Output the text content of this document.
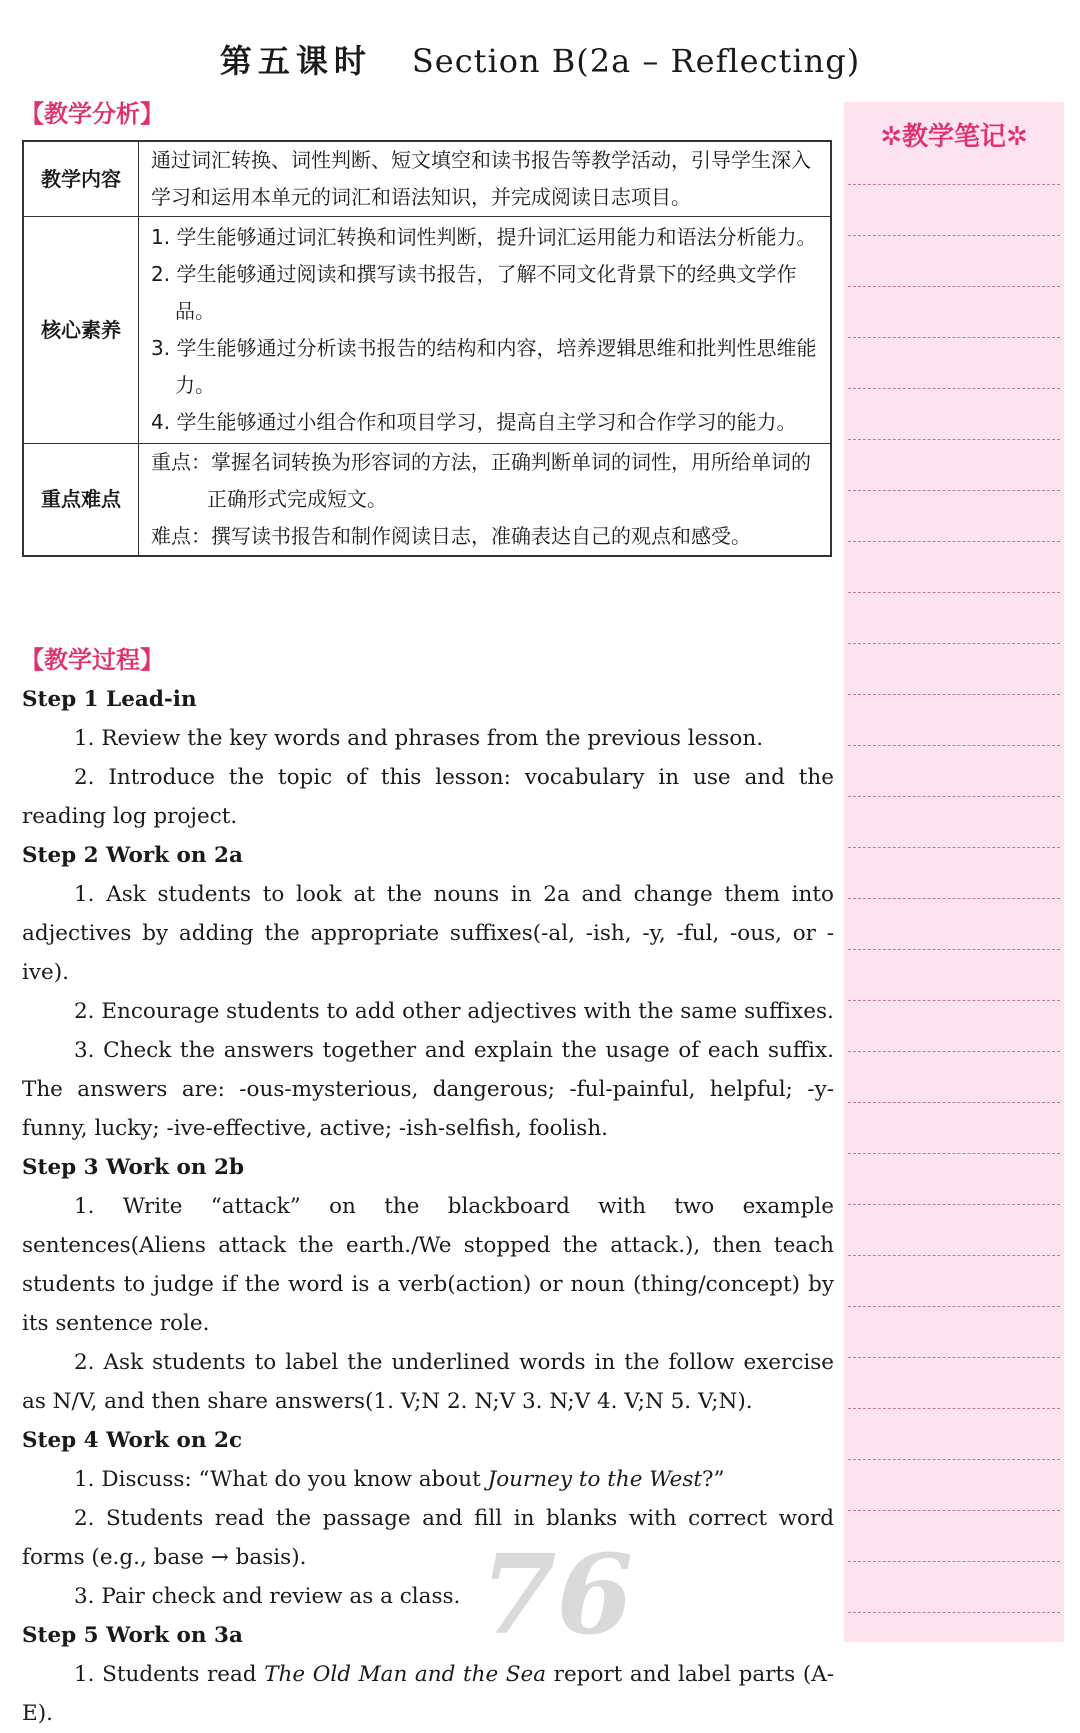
第五课时 Section B(2a – Reflecting)
【教学分析】
教学内容	通过词汇转换、词性判断、短文填空和读书报告等教学活动，引导学生深入学习和运用本单元的词汇和语法知识，并完成阅读日志项目。
核心素养	1. 学生能够通过词汇转换和词性判断，提升词汇运用能力和语法分析能力。
2. 学生能够通过阅读和撰写读书报告，了解不同文化背景下的经典文学作品。
3. 学生能够通过分析读书报告的结构和内容，培养逻辑思维和批判性思维能力。
4. 学生能够通过小组合作和项目学习，提高自主学习和合作学习的能力。

重点难点	重点：掌握名词转换为形容词的方法，正确判断单词的词性，用所给单词的正确形式完成短文。
难点：撰写读书报告和制作阅读日志，准确表达自己的观点和感受。
✲教学笔记✲
【教学过程】

Step 1 Lead-in

1. Review the key words and phrases from the previous lesson.

2. Introduce the topic of this lesson: vocabulary in use and the reading log project.

Step 2 Work on 2a

1. Ask students to look at the nouns in 2a and change them into adjectives by adding the appropriate suffixes(-al, -ish, -y, -ful, -ous, or -ive).

2. Encourage students to add other adjectives with the same suffixes.

3. Check the answers together and explain the usage of each suffix. The answers are: -ous-mysterious, dangerous; -ful-painful, helpful; -y-funny, lucky; -ive-effective, active; -ish-selfish, foolish.

Step 3 Work on 2b

1. Write “attack” on the blackboard with two example sentences(Aliens attack the earth./We stopped the attack.), then teach students to judge if the word is a verb(action) or noun (thing/concept) by its sentence role.

2. Ask students to label the underlined words in the follow exercise as N/V, and then share answers(1. V;N 2. N;V 3. N;V 4. V;N 5. V;N).

Step 4 Work on 2c

1. Discuss: “What do you know about Journey to the West?”

2. Students read the passage and fill in blanks with correct word forms (e.g., base → basis).

3. Pair check and review as a class.

Step 5 Work on 3a

1. Students read The Old Man and the Sea report and label parts (A-E).

76
